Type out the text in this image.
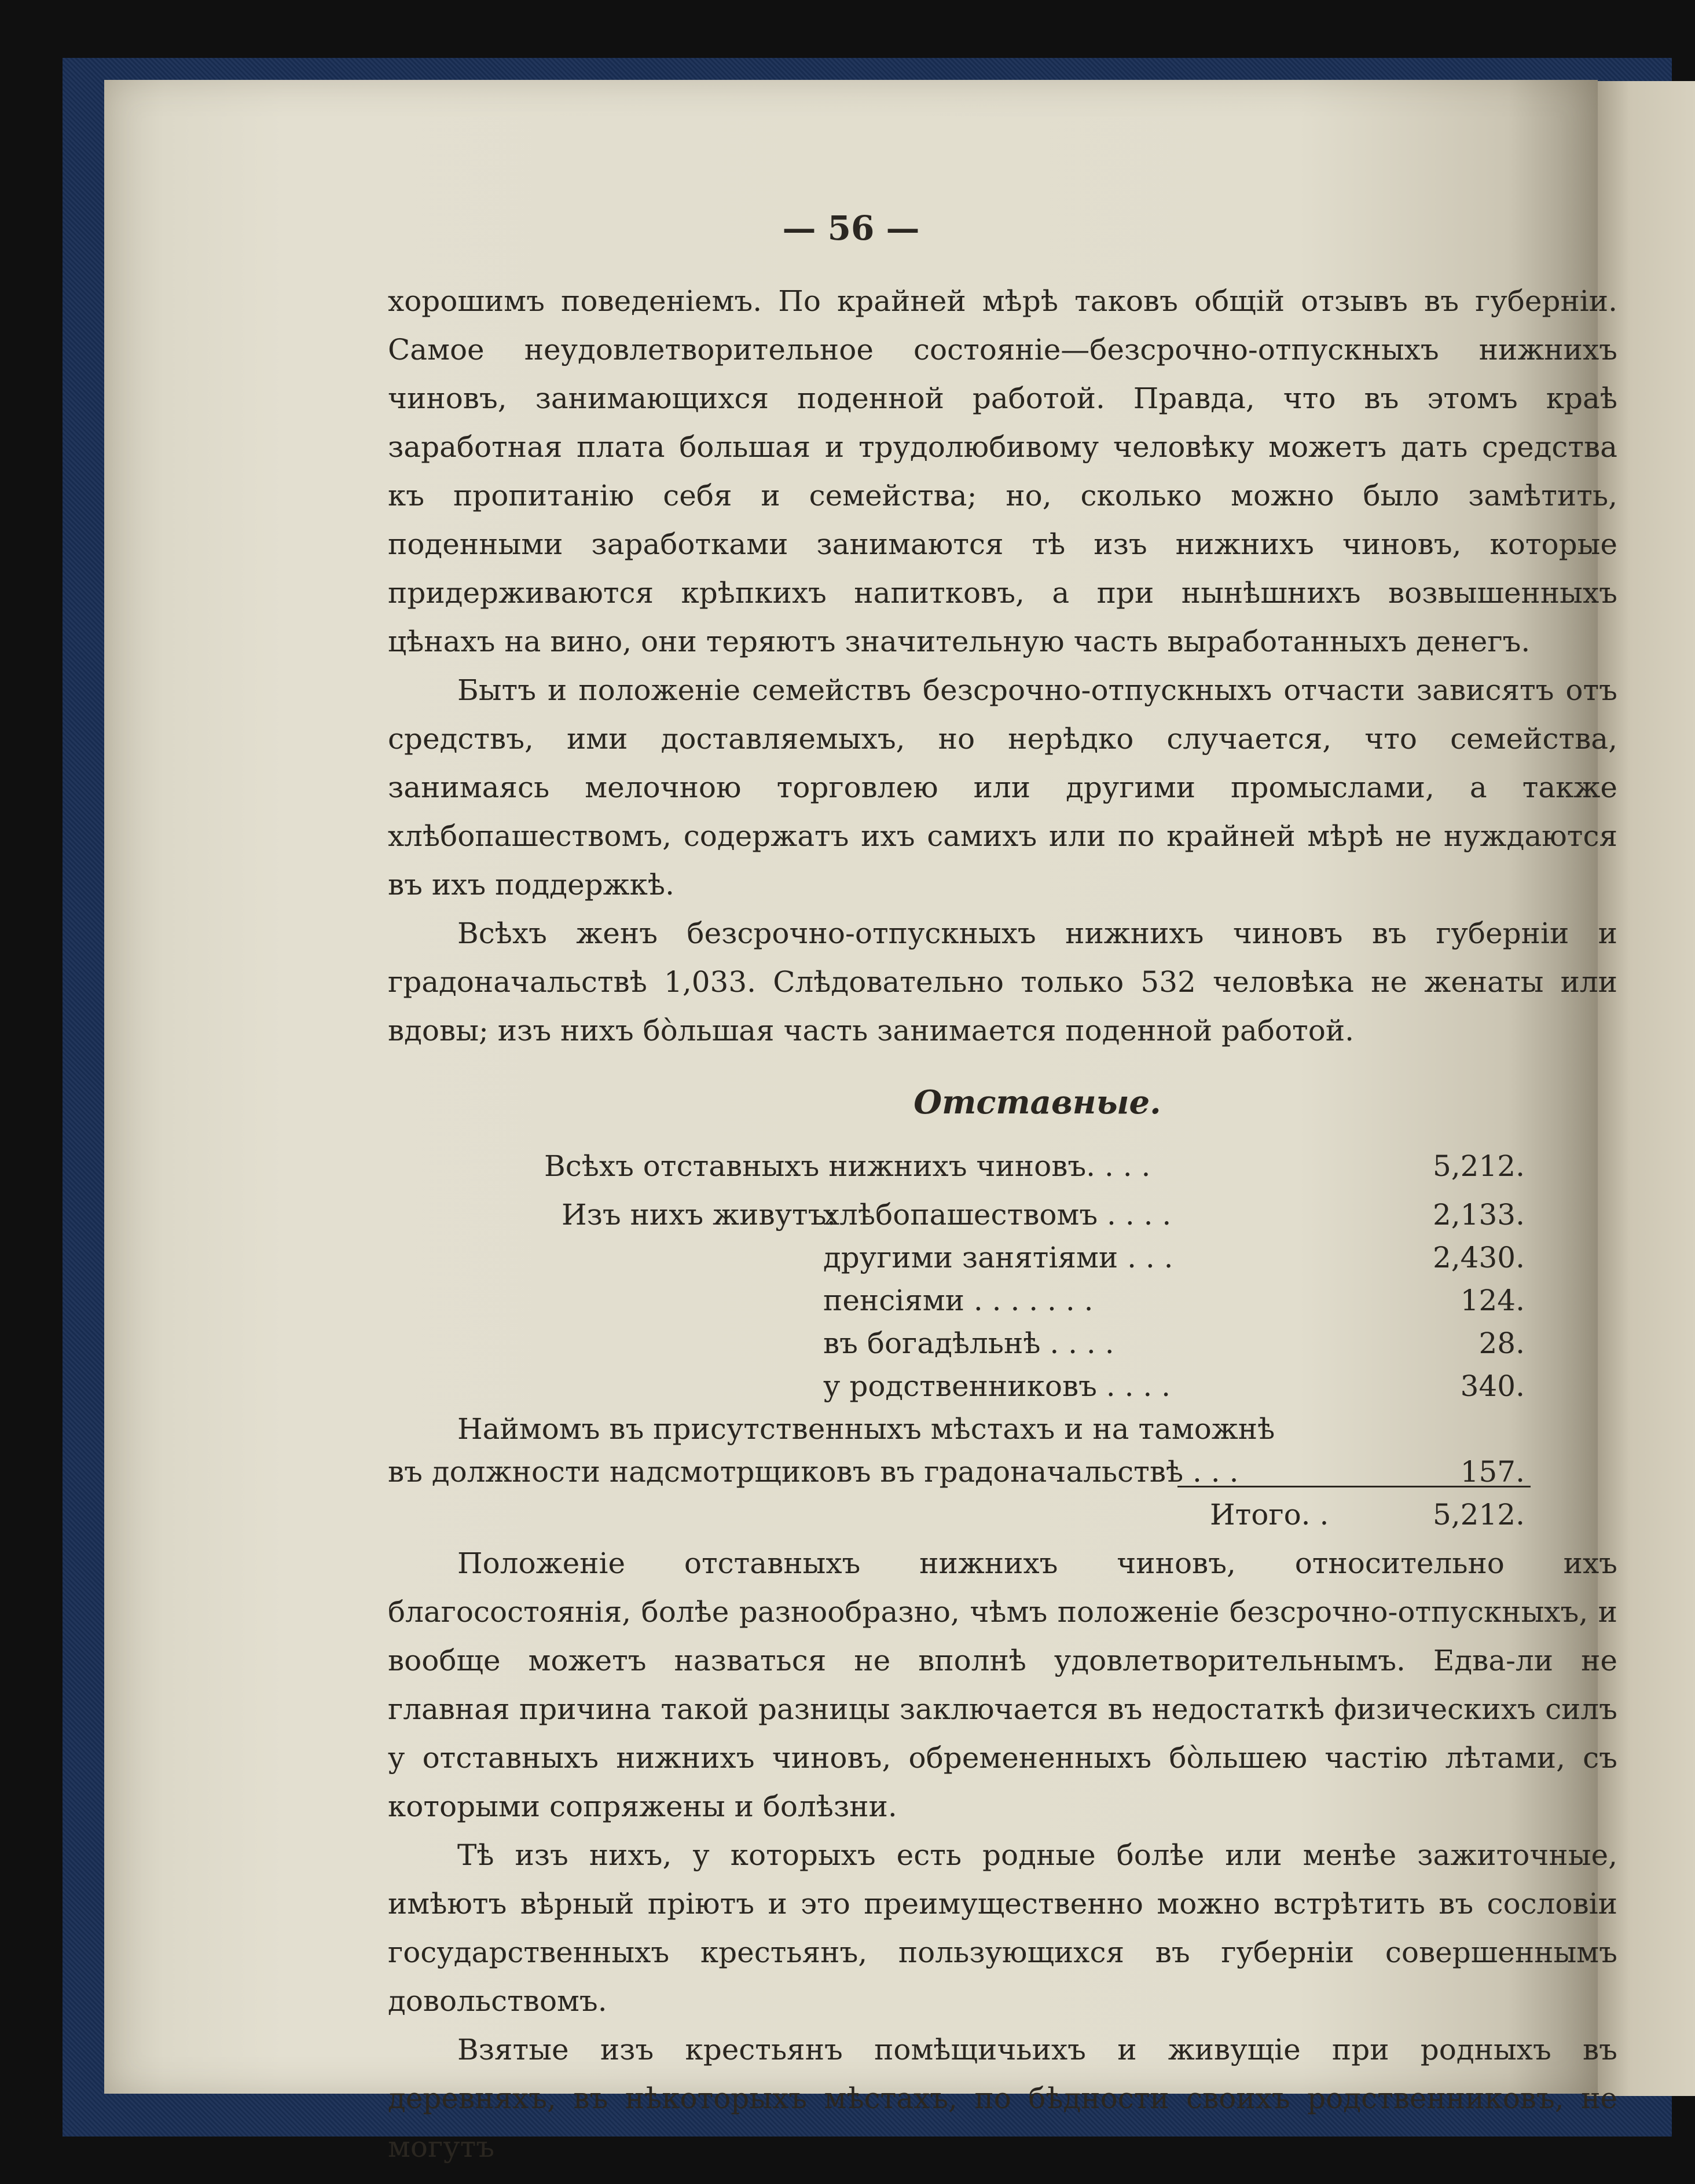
— 56 —

хорошимъ поведеніемъ. По крайней мѣрѣ таковъ общій отзывъ въ губерніи. Самое неудовлетворительное состояніе—безсрочно-отпускныхъ нижнихъ чиновъ, занимающихся поденной работой. Правда, что въ этомъ краѣ заработная плата большая и трудолюбивому человѣку можетъ дать средства къ пропитанію себя и семейства; но, сколько можно было замѣтить, поденными заработками занимаются тѣ изъ нижнихъ чиновъ, которые придерживаются крѣпкихъ напитковъ, а при нынѣшнихъ возвышенныхъ цѣнахъ на вино, они теряютъ значительную часть выработанныхъ денегъ.

Бытъ и положеніе семействъ безсрочно-отпускныхъ отчасти зависятъ отъ средствъ, ими доставляемыхъ, но нерѣдко случается, что семейства, занимаясь мелочною торговлею или другими промыслами, а также хлѣбопашествомъ, содержатъ ихъ самихъ или по крайней мѣрѣ не нуждаются въ ихъ поддержкѣ.

Всѣхъ женъ безсрочно-отпускныхъ нижнихъ чиновъ въ губерніи и градоначальствѣ 1,033. Слѣдовательно только 532 человѣка не женаты или вдовы; изъ нихъ бо̀льшая часть занимается поденной работой.

Отставные.

Всѣхъ отставныхъ нижнихъ чиновъ. . . .	5,212.
Изъ нихъ живутъ:
хлѣбопашествомъ . . . .	2,133.
другими занятіями . . .	2,430.
пенсіями . . . . . . .	124.
въ богадѣльнѣ . . . .	28.
у родственниковъ . . . .	340.
Наймомъ въ присутственныхъ мѣстахъ и на таможнѣ
въ должности надсмотрщиковъ въ градоначальствѣ . . .	157.
Итого. .	5,212.

Положеніе отставныхъ нижнихъ чиновъ, относительно ихъ благосостоянія, болѣе разнообразно, чѣмъ положеніе безсрочно-отпускныхъ, и вообще можетъ назваться не вполнѣ удовлетворительнымъ. Едва-ли не главная причина такой разницы заключается въ недостаткѣ физическихъ силъ у отставныхъ нижнихъ чиновъ, обремененныхъ бо̀льшею частію лѣтами, съ которыми сопряжены и болѣзни.

Тѣ изъ нихъ, у которыхъ есть родные болѣе или менѣе зажиточные, имѣютъ вѣрный пріютъ и это преимущественно можно встрѣтить въ сословіи государственныхъ крестьянъ, пользующихся въ губерніи совершеннымъ довольствомъ.

Взятые изъ крестьянъ помѣщичьихъ и живущіе при родныхъ въ деревняхъ, въ нѣкоторыхъ мѣстахъ, по бѣдности своихъ родственниковъ, не могутъ
